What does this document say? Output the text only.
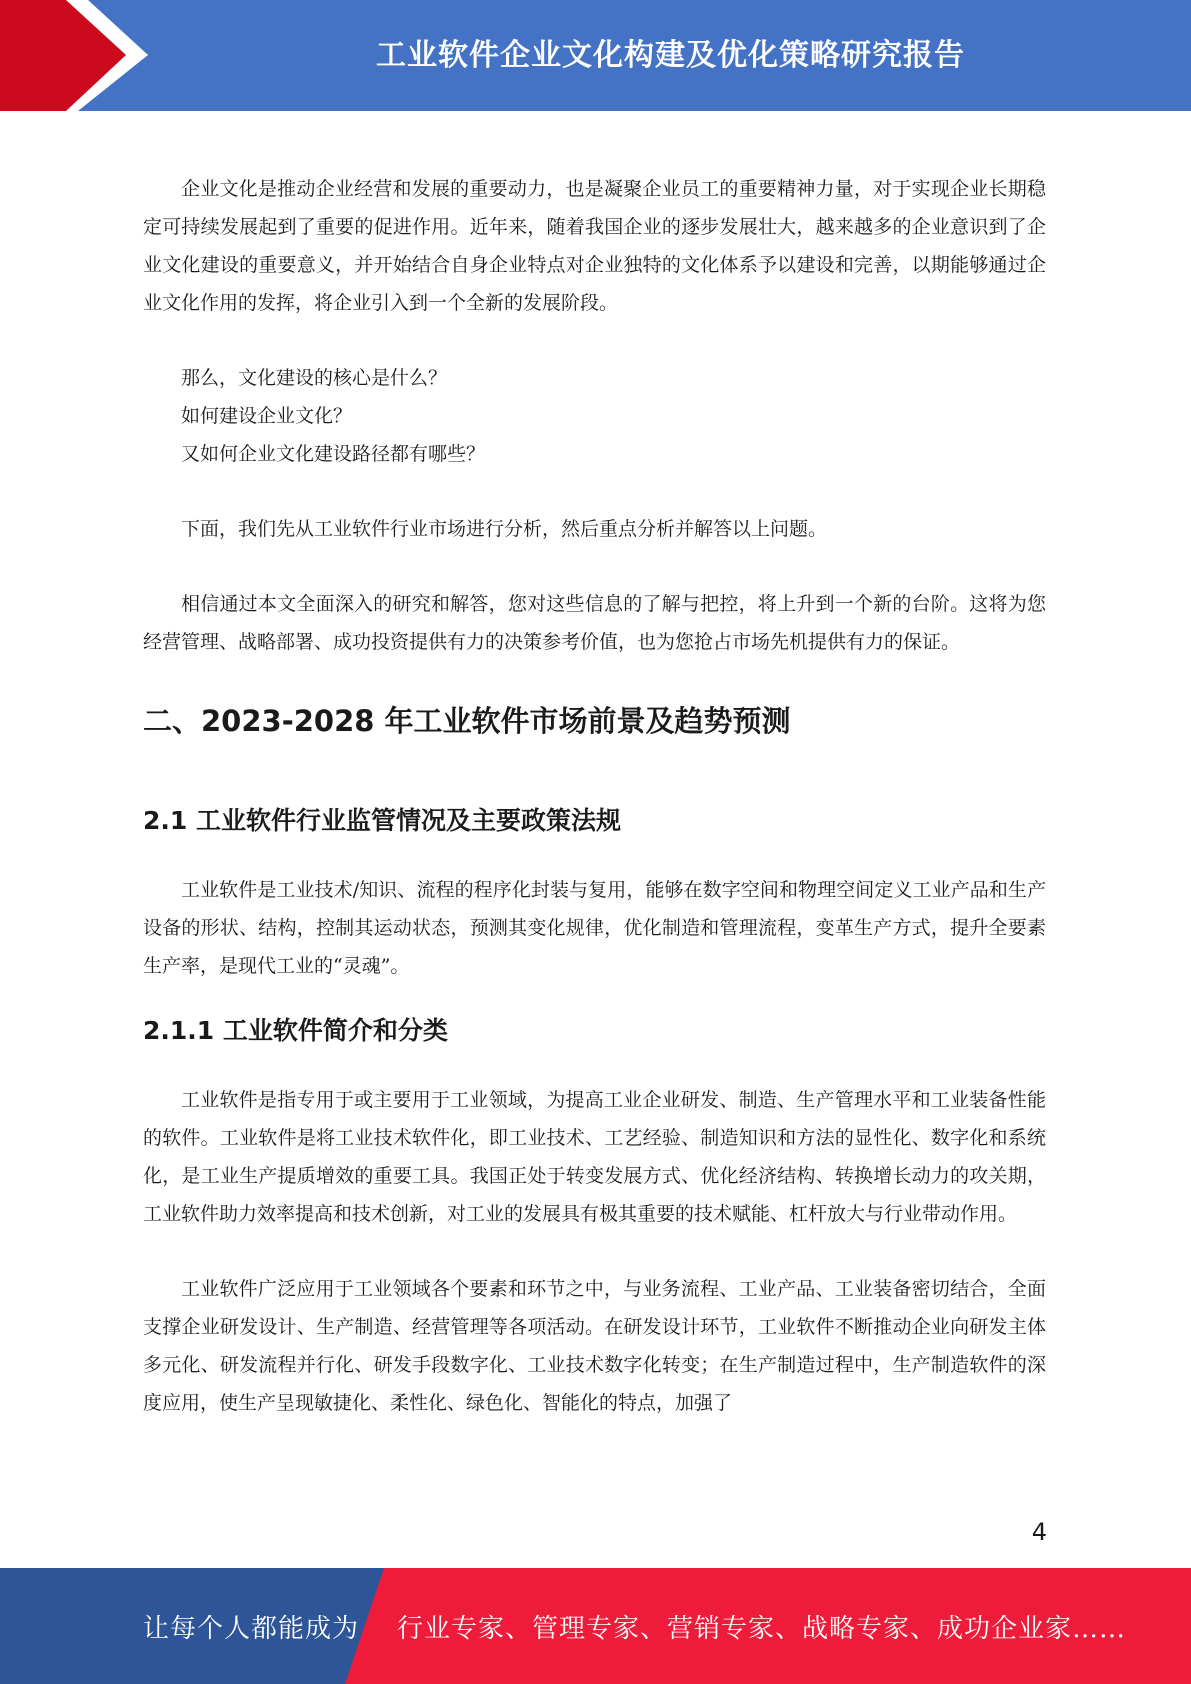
工业软件企业文化构建及优化策略研究报告

企业文化是推动企业经营和发展的重要动力，也是凝聚企业员工的重要精神力量，对于实现企业长期稳定可持续发展起到了重要的促进作用。近年来，随着我国企业的逐步发展壮大，越来越多的企业意识到了企业文化建设的重要意义，并开始结合自身企业特点对企业独特的文化体系予以建设和完善，以期能够通过企业文化作用的发挥，将企业引入到一个全新的发展阶段。

那么，文化建设的核心是什么？

如何建设企业文化？

又如何企业文化建设路径都有哪些？

下面，我们先从工业软件行业市场进行分析，然后重点分析并解答以上问题。

相信通过本文全面深入的研究和解答，您对这些信息的了解与把控，将上升到一个新的台阶。这将为您经营管理、战略部署、成功投资提供有力的决策参考价值，也为您抢占市场先机提供有力的保证。

二、2023-2028 年工业软件市场前景及趋势预测
2.1 工业软件行业监管情况及主要政策法规

工业软件是工业技术/知识、流程的程序化封装与复用，能够在数字空间和物理空间定义工业产品和生产设备的形状、结构，控制其运动状态，预测其变化规律，优化制造和管理流程，变革生产方式，提升全要素生产率，是现代工业的“灵魂”。

2.1.1 工业软件简介和分类

工业软件是指专用于或主要用于工业领域，为提高工业企业研发、制造、生产管理水平和工业装备性能的软件。工业软件是将工业技术软件化，即工业技术、工艺经验、制造知识和方法的显性化、数字化和系统化，是工业生产提质增效的重要工具。我国正处于转变发展方式、优化经济结构、转换增长动力的攻关期，工业软件助力效率提高和技术创新，对工业的发展具有极其重要的技术赋能、杠杆放大与行业带动作用。

工业软件广泛应用于工业领域各个要素和环节之中，与业务流程、工业产品、工业装备密切结合，全面支撑企业研发设计、生产制造、经营管理等各项活动。在研发设计环节，工业软件不断推动企业向研发主体多元化、研发流程并行化、研发手段数字化、工业技术数字化转变；在生产制造过程中，生产制造软件的深度应用，使生产呈现敏捷化、柔性化、绿色化、智能化的特点，加强了

4
让每个人都能成为 行业专家、管理专家、营销专家、战略专家、成功企业家……
